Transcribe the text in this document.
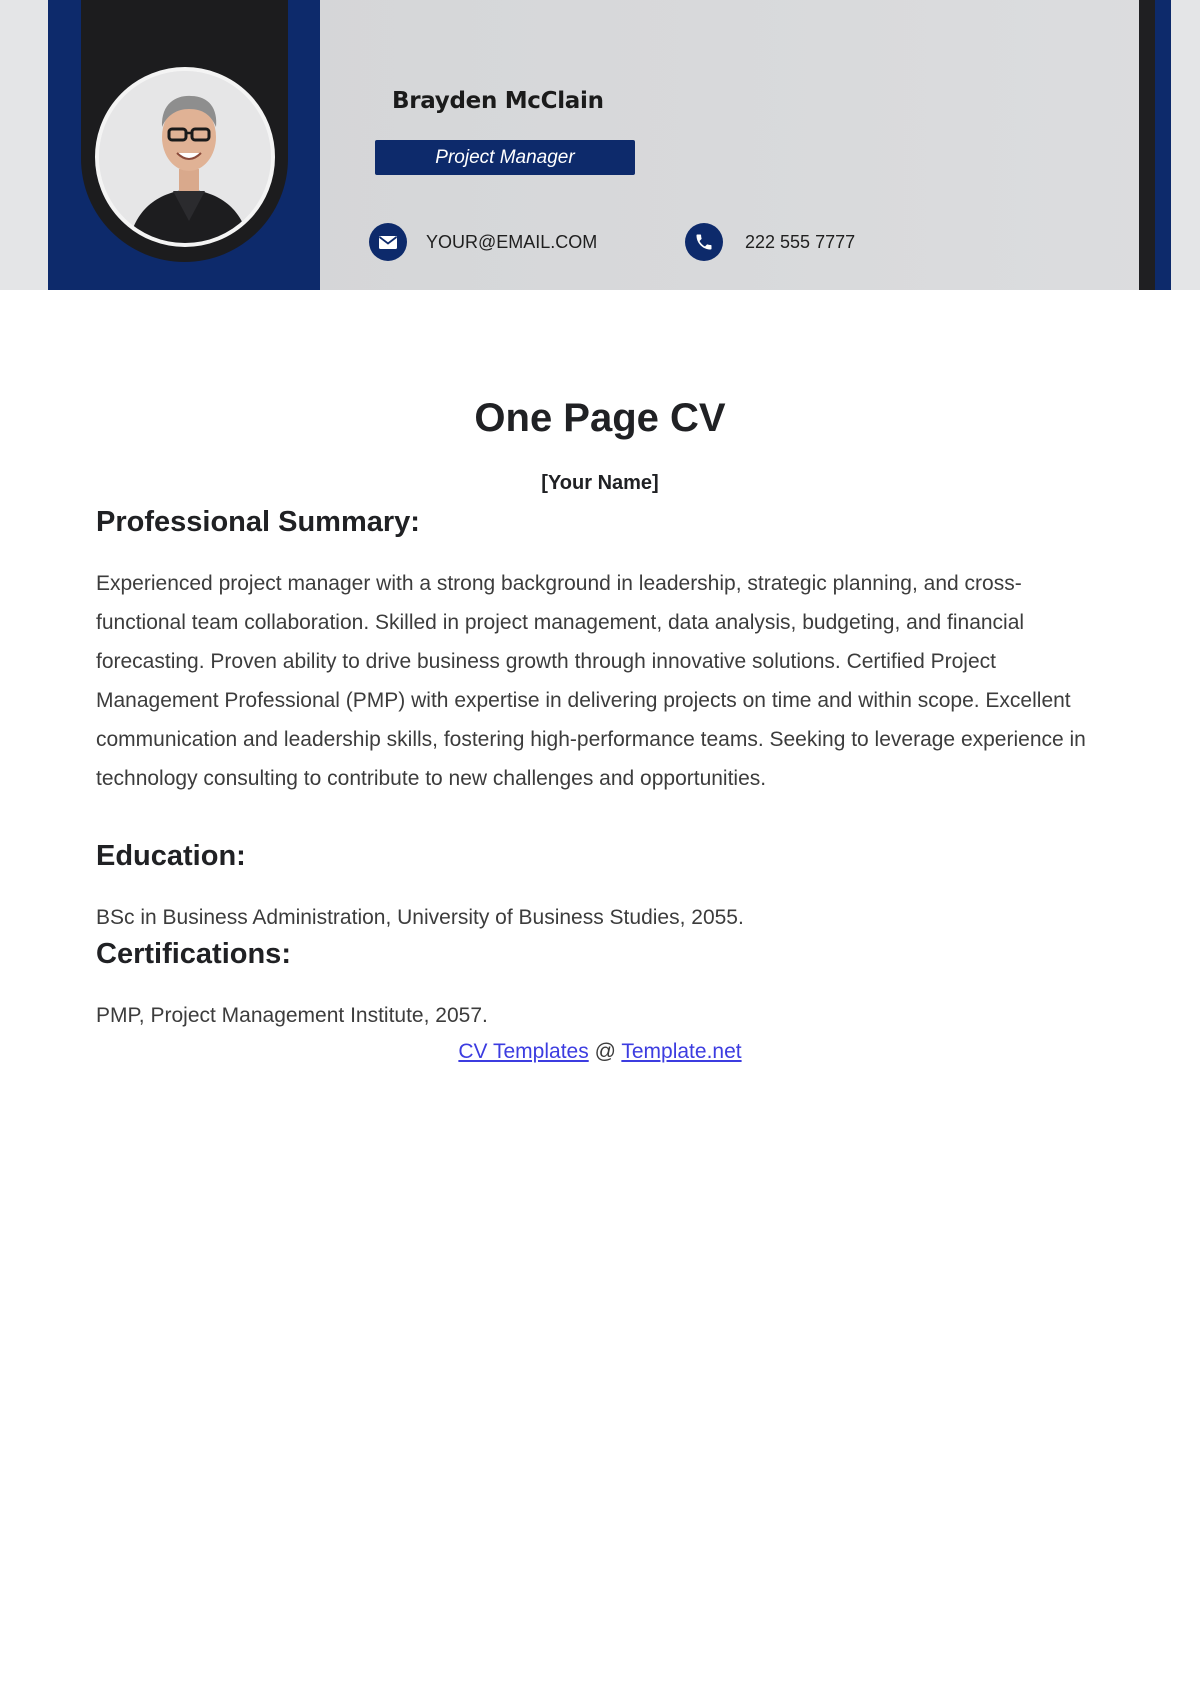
Brayden McClain
Project Manager
YOUR@EMAIL.COM	222 555 7777
One Page CV
[Your Name]
Professional Summary:
Experienced project manager with a strong background in leadership, strategic planning, and cross-functional team collaboration. Skilled in project management, data analysis, budgeting, and financial forecasting. Proven ability to drive business growth through innovative solutions. Certified Project Management Professional (PMP) with expertise in delivering projects on time and within scope. Excellent communication and leadership skills, fostering high-performance teams. Seeking to leverage experience in technology consulting to contribute to new challenges and opportunities.
Education:
BSc in Business Administration, University of Business Studies, 2055.
Certifications:
PMP, Project Management Institute, 2057.
CV Templates @ Template.net
